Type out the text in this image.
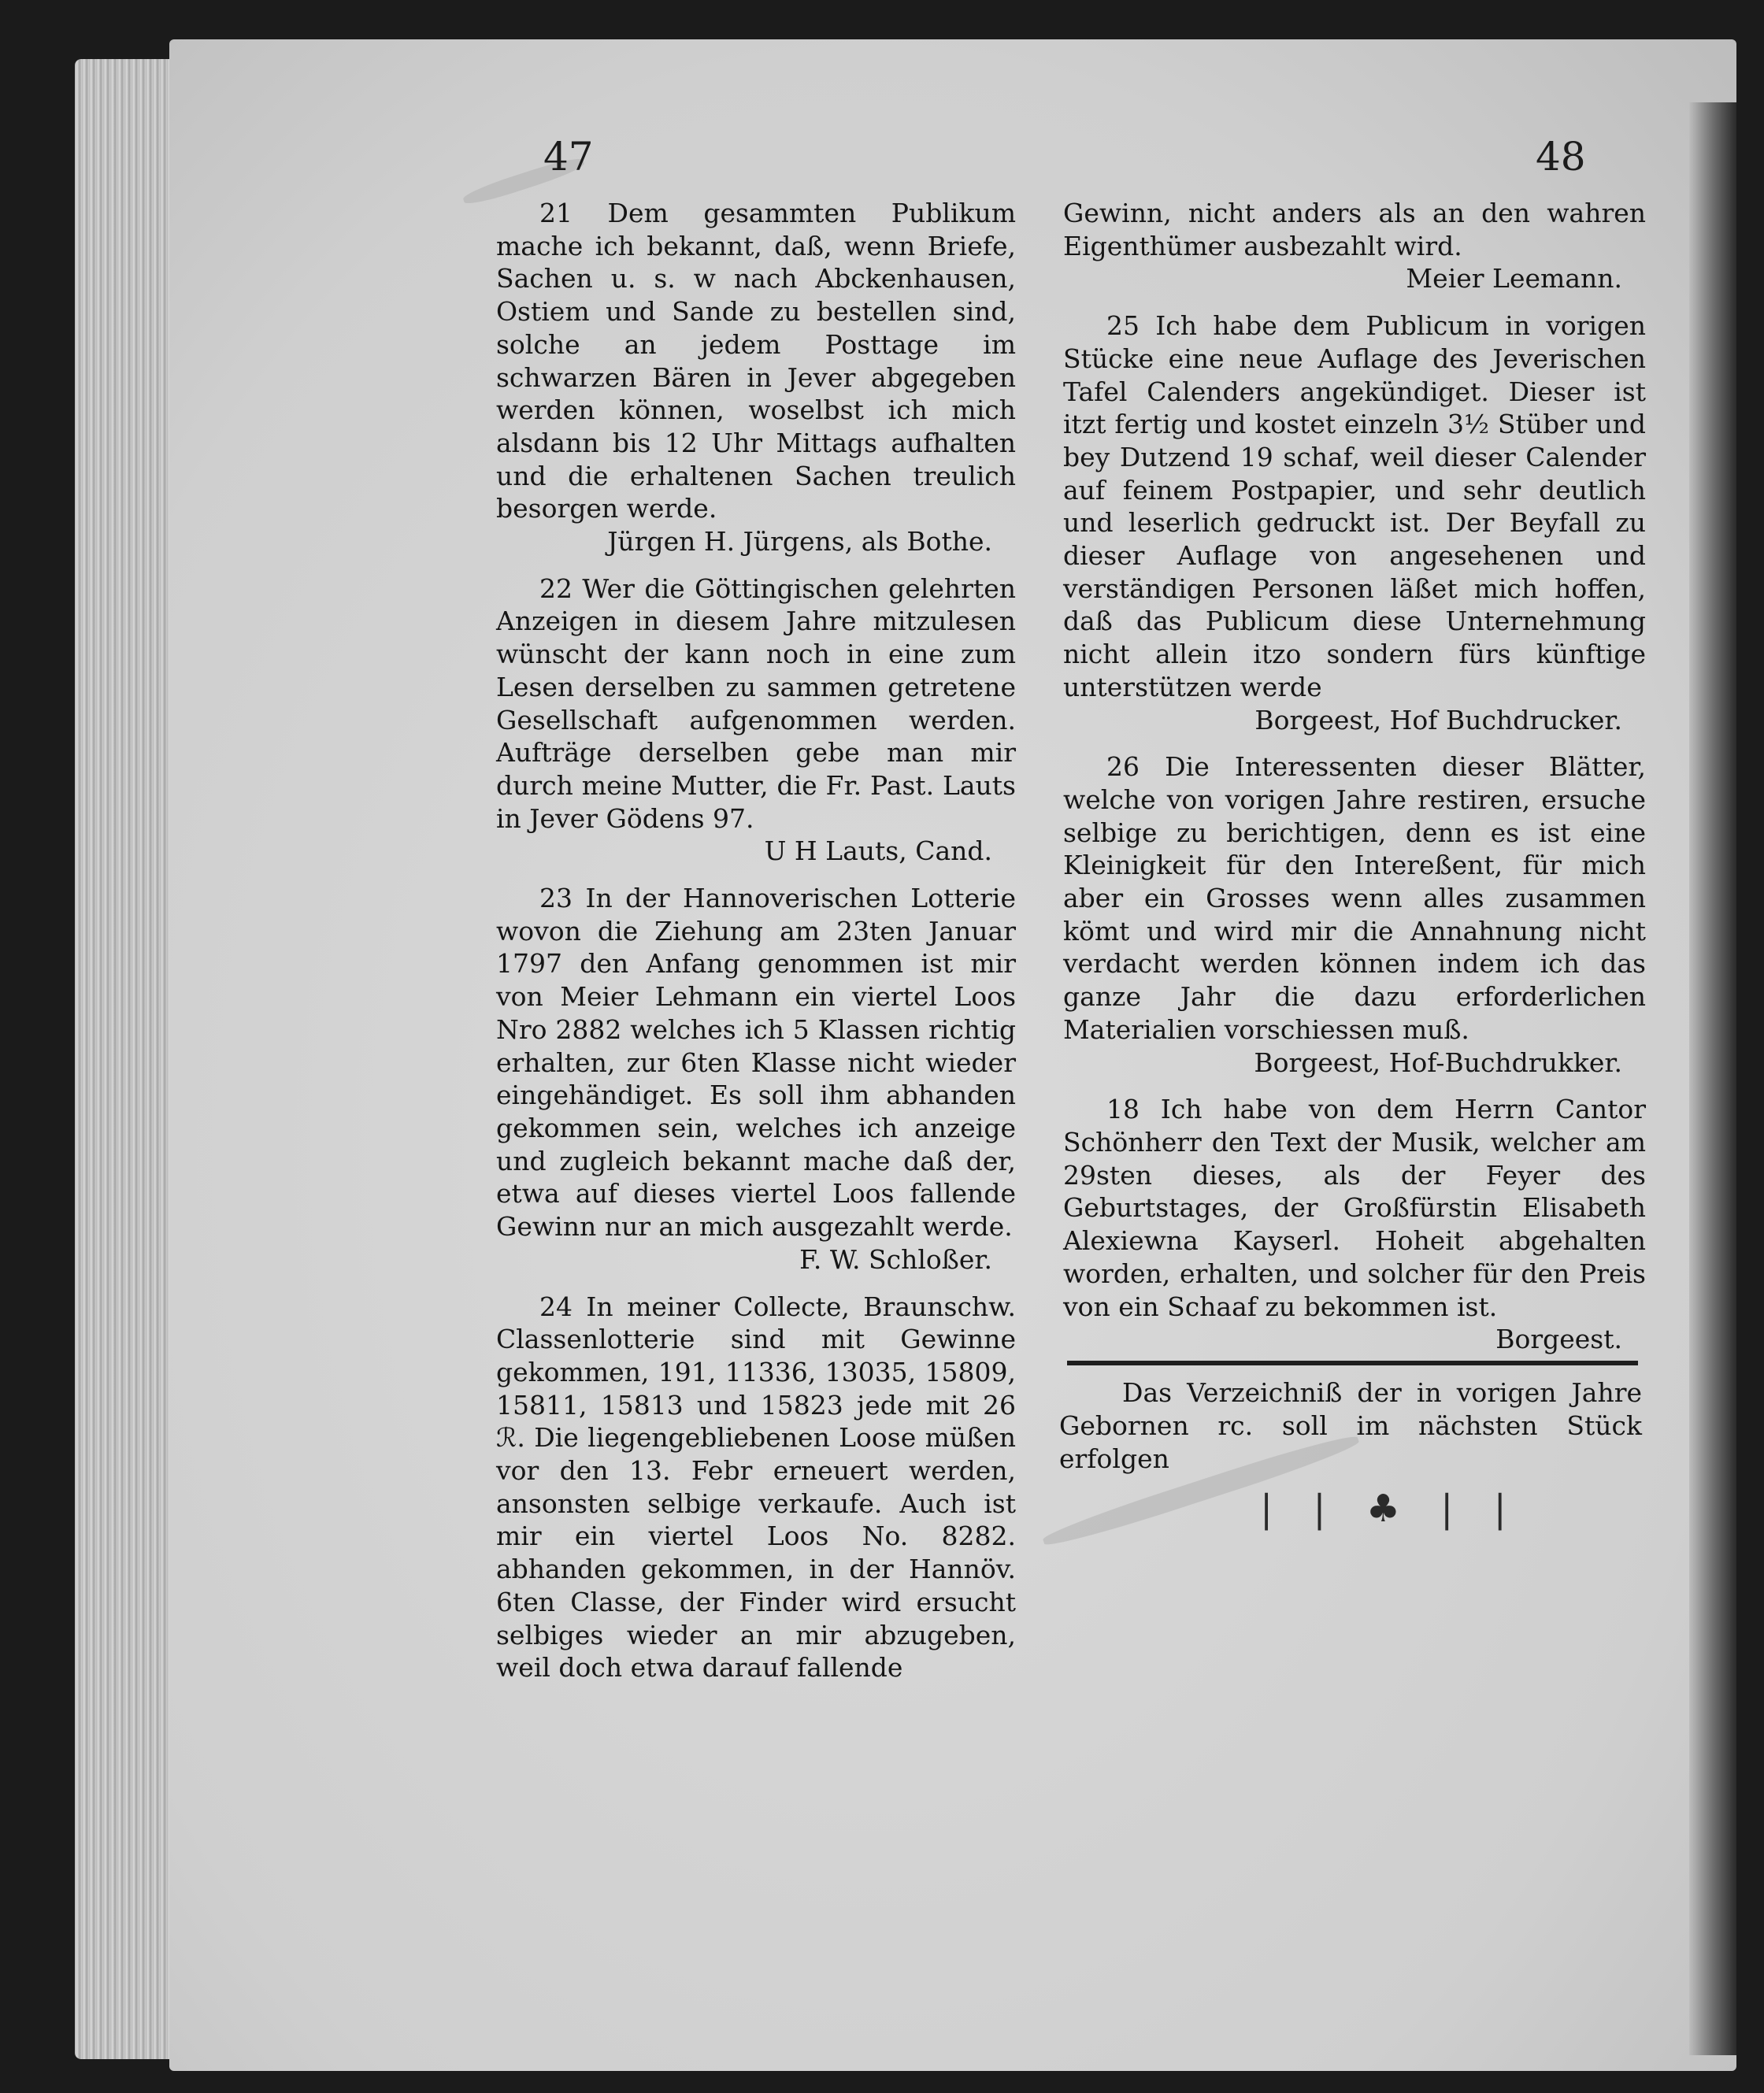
47	48

21 Dem gesammten Publikum mache ich bekannt, daß, wenn Briefe, Sachen u. s. w nach Abckenhausen, Ostiem und Sande zu bestellen sind, solche an jedem Posttage im schwarzen Bären in Jever abgegeben werden können, woselbst ich mich alsdann bis 12 Uhr Mittags aufhalten und die erhaltenen Sachen treulich besorgen werde.

Jürgen H. Jürgens, als Bothe.

22 Wer die Göttingischen gelehrten Anzeigen in diesem Jahre mitzulesen wünscht der kann noch in eine zum Lesen derselben zu sammen getretene Gesellschaft aufgenommen werden. Aufträge derselben gebe man mir durch meine Mutter, die Fr. Past. Lauts in Jever Gödens 97.

U H Lauts, Cand.

23 In der Hannoverischen Lotterie wovon die Ziehung am 23ten Januar 1797 den Anfang genommen ist mir von Meier Lehmann ein viertel Loos Nro 2882 welches ich 5 Klassen richtig erhalten, zur 6ten Klasse nicht wieder eingehändiget. Es soll ihm abhanden gekommen sein, welches ich anzeige und zugleich bekannt mache daß der, etwa auf dieses viertel Loos fallende Gewinn nur an mich ausgezahlt werde.

F. W. Schloßer.

24 In meiner Collecte, Braunschw. Classenlotterie sind mit Gewinne gekommen, 191, 11336, 13035, 15809, 15811, 15813 und 15823 jede mit 26 ℛ. Die liegengebliebenen Loose müßen vor den 13. Febr erneuert werden, ansonsten selbige verkaufe. Auch ist mir ein viertel Loos No. 8282. abhanden gekommen, in der Hannöv. 6ten Classe, der Finder wird ersucht selbiges wieder an mir abzugeben, weil doch etwa darauf fallende

Gewinn, nicht anders als an den wahren Eigenthümer ausbezahlt wird.

Meier Leemann.

25 Ich habe dem Publicum in vorigen Stücke eine neue Auflage des Jeverischen Tafel Calenders angekündiget. Dieser ist itzt fertig und kostet einzeln 3½ Stüber und bey Dutzend 19 schaf, weil dieser Calender auf feinem Postpapier, und sehr deutlich und leserlich gedruckt ist. Der Beyfall zu dieser Auflage von angesehenen und verständigen Personen läßet mich hoffen, daß das Publicum diese Unternehmung nicht allein itzo sondern fürs künftige unterstützen werde

Borgeest, Hof Buchdrucker.

26 Die Interessenten dieser Blätter, welche von vorigen Jahre restiren, ersuche selbige zu berichtigen, denn es ist eine Kleinigkeit für den Intereßent, für mich aber ein Grosses wenn alles zusammen kömt und wird mir die Annahnung nicht verdacht werden können indem ich das ganze Jahr die dazu erforderlichen Materialien vorschiessen muß.

Borgeest, Hof-Buchdrukker.

18 Ich habe von dem Herrn Cantor Schönherr den Text der Musik, welcher am 29sten dieses, als der Feyer des Geburtstages, der Großfürstin Elisabeth Alexiewna Kayserl. Hoheit abgehalten worden, erhalten, und solcher für den Preis von ein Schaaf zu bekommen ist.

Borgeest.

Das Verzeichniß der in vorigen Jahre Gebornen rc. soll im nächsten Stück erfolgen
| | ♣ | |
